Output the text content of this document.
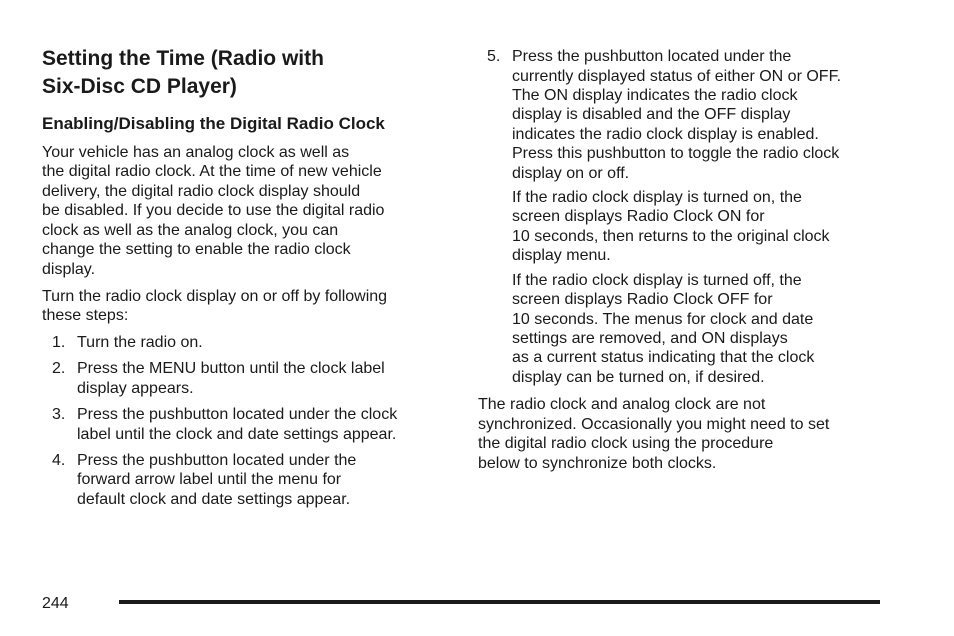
Setting the Time (Radio with
Six-Disc CD Player)
Enabling/Disabling the Digital Radio Clock
Your vehicle has an analog clock as well as
the digital radio clock. At the time of new vehicle
delivery, the digital radio clock display should
be disabled. If you decide to use the digital radio
clock as well as the analog clock, you can
change the setting to enable the radio clock
display.
Turn the radio clock display on or off by following
these steps:
1. Turn the radio on.
2. Press the MENU button until the clock label
display appears.
3. Press the pushbutton located under the clock
label until the clock and date settings appear.
4. Press the pushbutton located under the
forward arrow label until the menu for
default clock and date settings appear.
5. Press the pushbutton located under the
currently displayed status of either ON or OFF.
The ON display indicates the radio clock
display is disabled and the OFF display
indicates the radio clock display is enabled.
Press this pushbutton to toggle the radio clock
display on or off.
If the radio clock display is turned on, the
screen displays Radio Clock ON for
10 seconds, then returns to the original clock
display menu.
If the radio clock display is turned off, the
screen displays Radio Clock OFF for
10 seconds. The menus for clock and date
settings are removed, and ON displays
as a current status indicating that the clock
display can be turned on, if desired.
The radio clock and analog clock are not
synchronized. Occasionally you might need to set
the digital radio clock using the procedure
below to synchronize both clocks.
244
